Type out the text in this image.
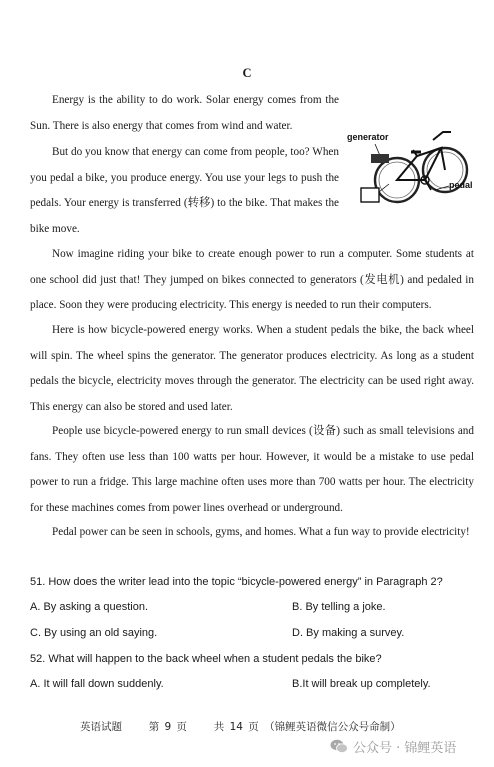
C
Energy is the ability to do work. Solar energy comes from the Sun. There is also energy that comes from wind and water.
But do you know that energy can come from people, too? When you pedal a bike, you produce energy. You use your legs to push the pedals. Your energy is transferred (转移) to the bike. That makes the bike move.
generator
pedal
Now imagine riding your bike to create enough power to run a computer. Some students at one school did just that! They jumped on bikes connected to generators (发电机) and pedaled in place. Soon they were producing electricity. This energy is needed to run their computers.
Here is how bicycle-powered energy works. When a student pedals the bike, the back wheel will spin. The wheel spins the generator. The generator produces electricity. As long as a student pedals the bicycle, electricity moves through the generator. The electricity can be used right away. This energy can also be stored and used later.
People use bicycle-powered energy to run small devices (设备) such as small televisions and fans. They often use less than 100 watts per hour. However, it would be a mistake to use pedal power to run a fridge. This large machine often uses more than 700 watts per hour. The electricity for these machines comes from power lines overhead or underground.
Pedal power can be seen in schools, gyms, and homes. What a fun way to provide electricity!
51. How does the writer lead into the topic “bicycle-powered energy” in Paragraph 2?
A. By asking a question.	B. By telling a joke.
C. By using an old saying.	D. By making a survey.
52. What will happen to the back wheel when a student pedals the bike?
A. It will fall down suddenly.	B.It will break up completely.
英语试题	第 9 页	共 14 页 （锦鲤英语微信公众号命制）
公众号 · 锦鲤英语
